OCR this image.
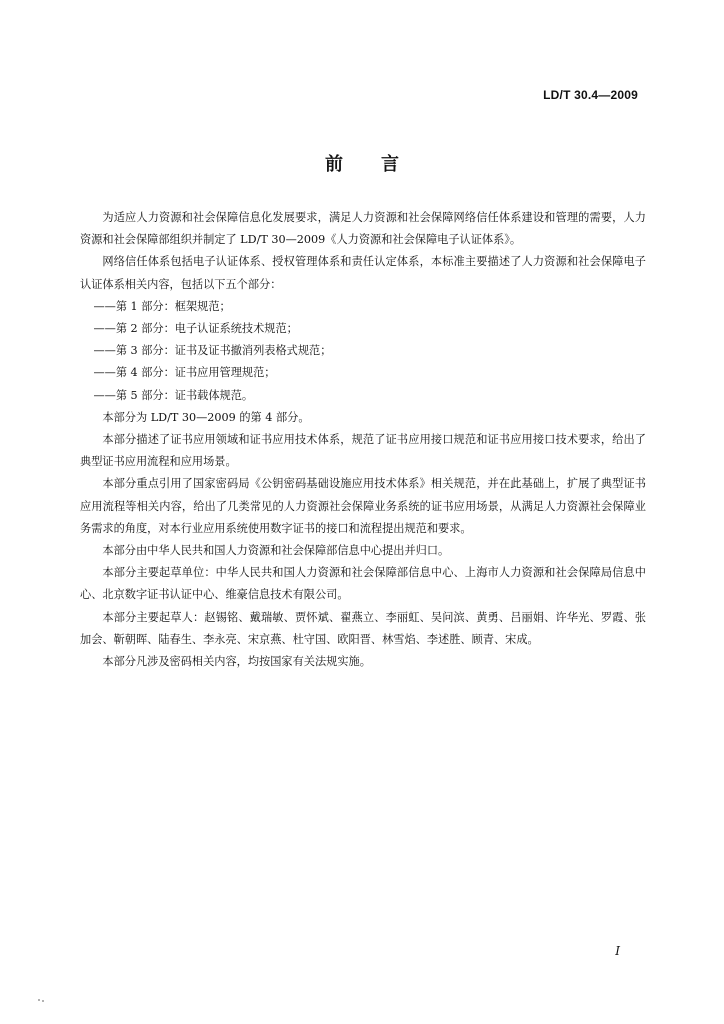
LD/T 30.4—2009
前言

为适应人力资源和社会保障信息化发展要求，满足人力资源和社会保障网络信任体系建设和管理的需要，人力资源和社会保障部组织并制定了 LD/T 30—2009《人力资源和社会保障电子认证体系》。

网络信任体系包括电子认证体系、授权管理体系和责任认定体系，本标准主要描述了人力资源和社会保障电子认证体系相关内容，包括以下五个部分：

——第 1 部分：框架规范；

——第 2 部分：电子认证系统技术规范；

——第 3 部分：证书及证书撤消列表格式规范；

——第 4 部分：证书应用管理规范；

——第 5 部分：证书载体规范。

本部分为 LD/T 30—2009 的第 4 部分。

本部分描述了证书应用领域和证书应用技术体系，规范了证书应用接口规范和证书应用接口技术要求，给出了典型证书应用流程和应用场景。

本部分重点引用了国家密码局《公钥密码基础设施应用技术体系》相关规范，并在此基础上，扩展了典型证书应用流程等相关内容，给出了几类常见的人力资源社会保障业务系统的证书应用场景，从满足人力资源社会保障业务需求的角度，对本行业应用系统使用数字证书的接口和流程提出规范和要求。

本部分由中华人民共和国人力资源和社会保障部信息中心提出并归口。

本部分主要起草单位：中华人民共和国人力资源和社会保障部信息中心、上海市人力资源和社会保障局信息中心、北京数字证书认证中心、维豪信息技术有限公司。

本部分主要起草人：赵锡铭、戴瑞敏、贾怀斌、翟燕立、李丽虹、吴问滨、黄勇、吕丽娟、许华光、罗霞、张加会、靳朝晖、陆春生、李永亮、宋京燕、杜守国、欧阳晋、林雪焰、李述胜、顾青、宋成。

本部分凡涉及密码相关内容，均按国家有关法规实施。

I
